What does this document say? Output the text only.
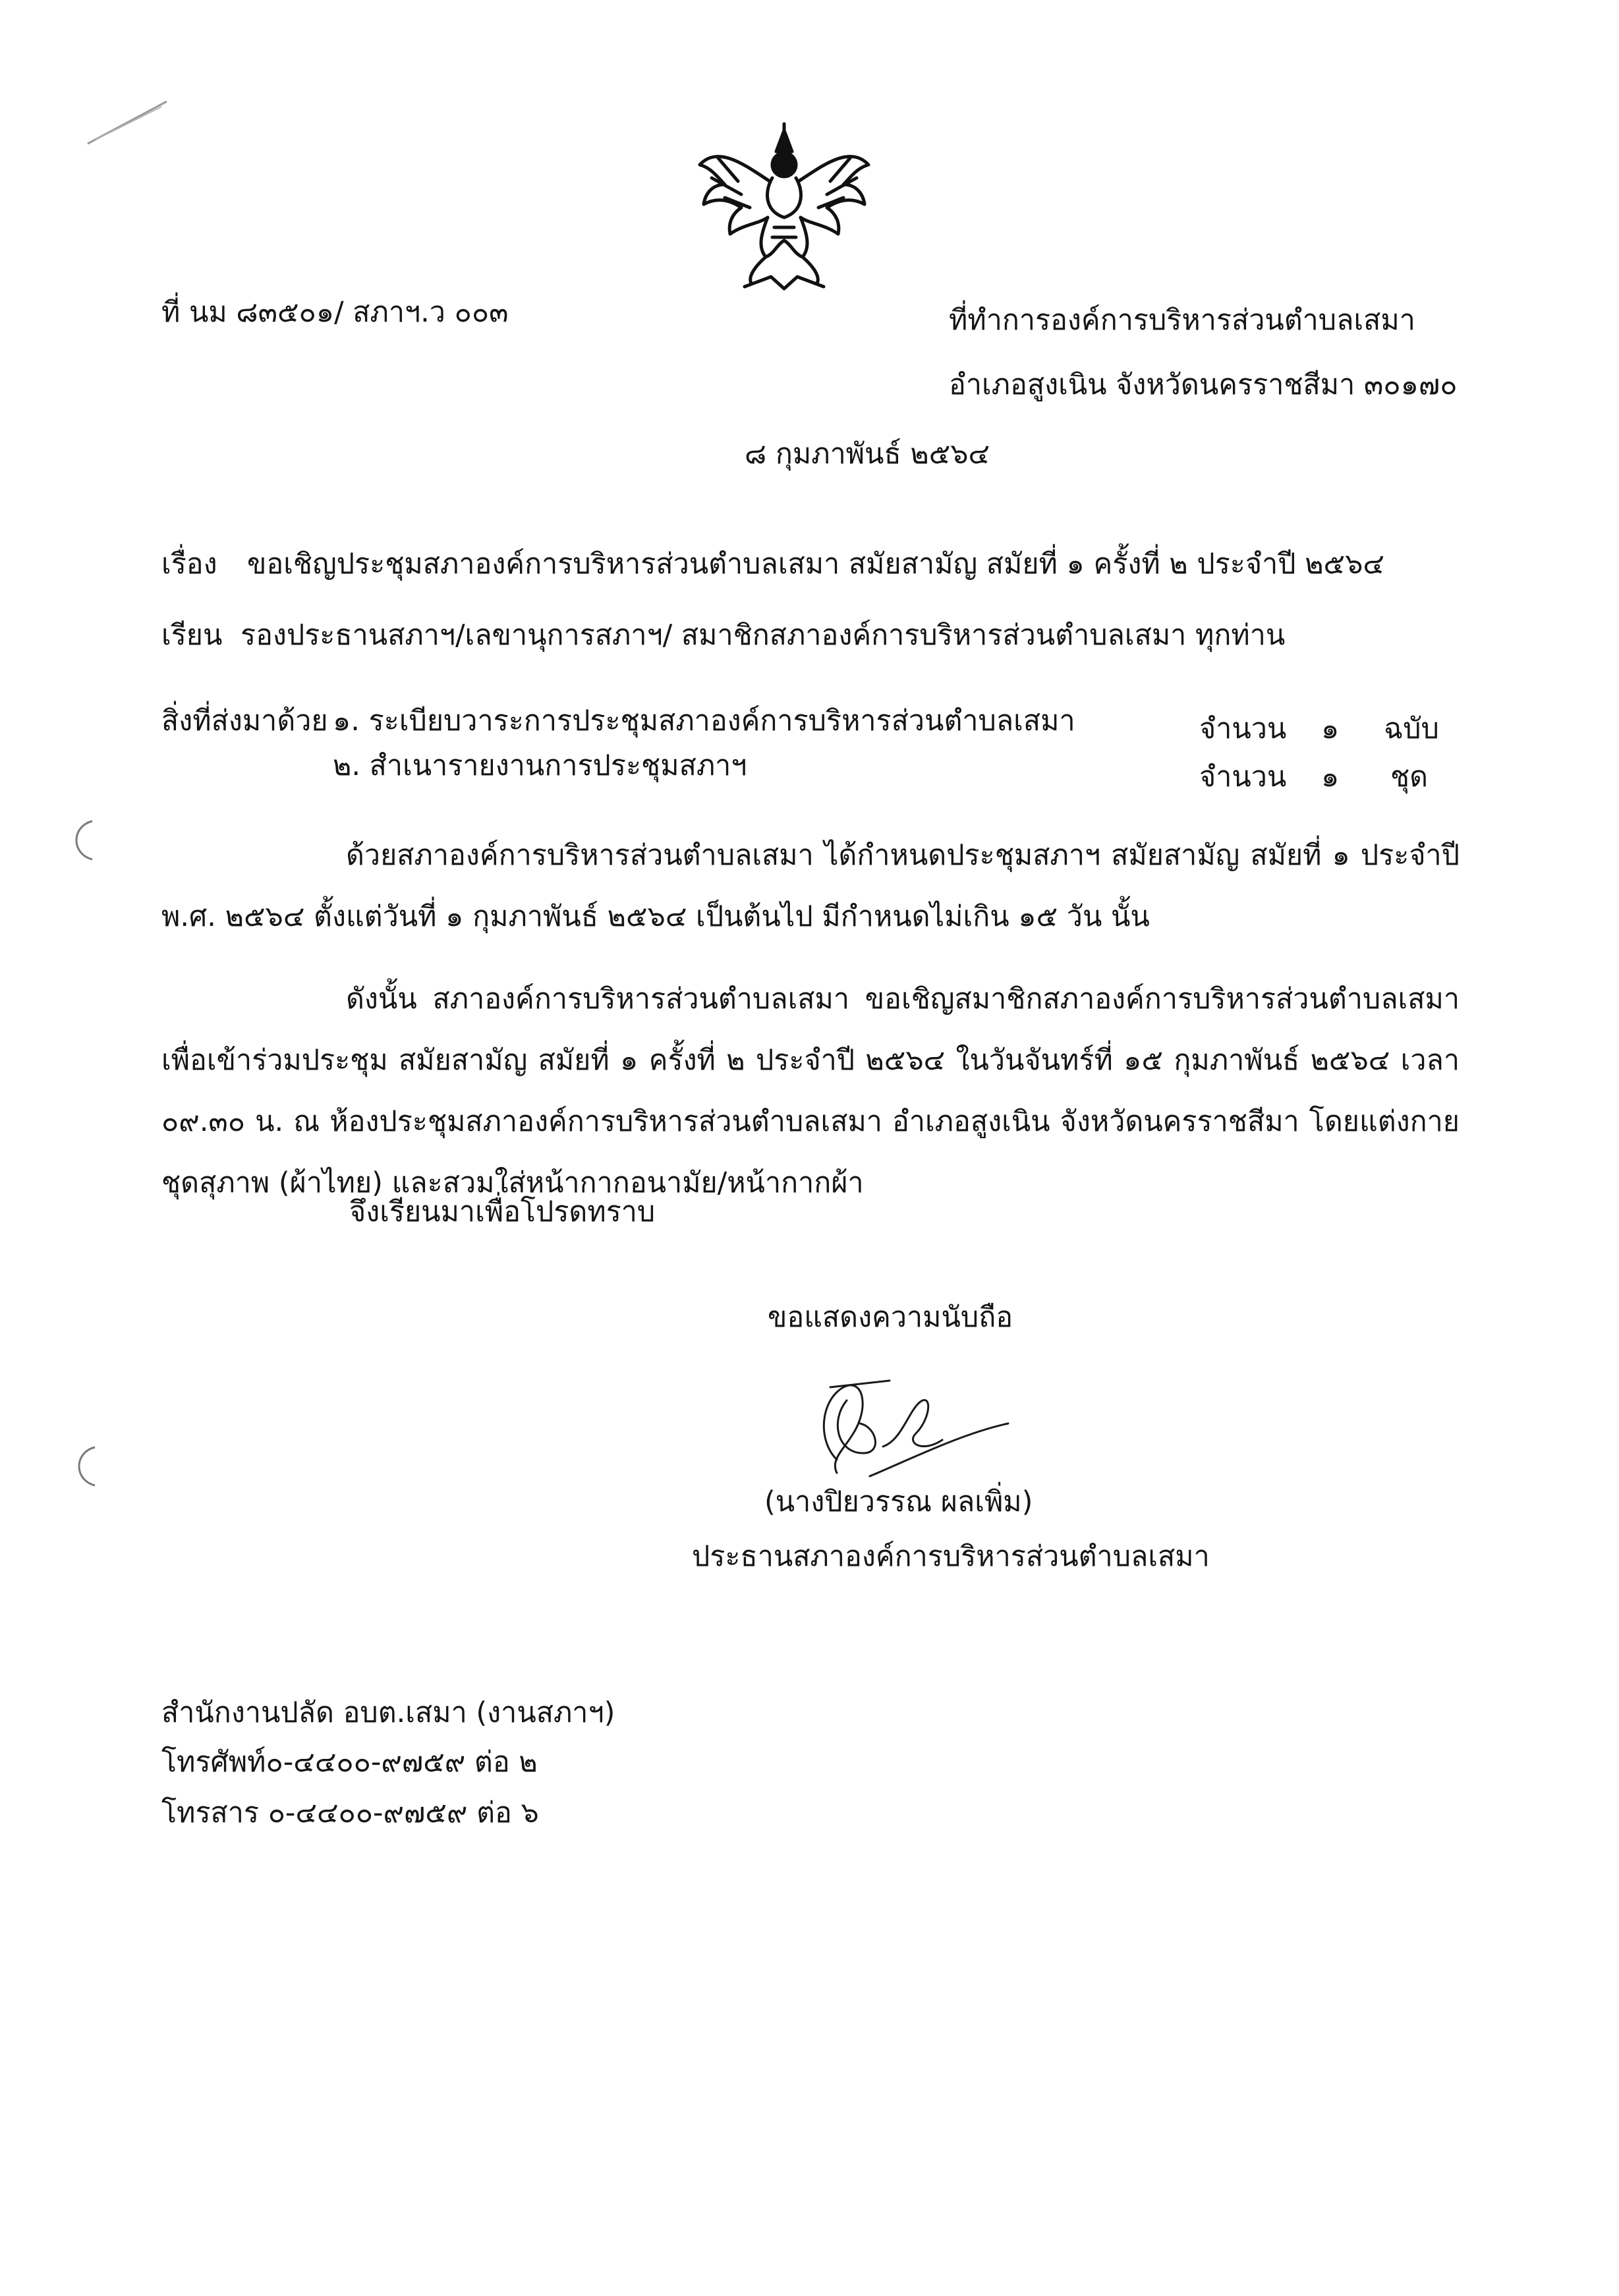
ที่ นม ๘๓๕๐๑/ สภาฯ.ว ๐๐๓	ที่ทำการองค์การบริหารส่วนตำบลเสมา
อำเภอสูงเนิน จังหวัดนครราชสีมา ๓๐๑๗๐
๘ กุมภาพันธ์ ๒๕๖๔
เรื่อง ขอเชิญประชุมสภาองค์การบริหารส่วนตำบลเสมา สมัยสามัญ สมัยที่ ๑ ครั้งที่ ๒ ประจำปี ๒๕๖๔
เรียน รองประธานสภาฯ/เลขานุการสภาฯ/ สมาชิกสภาองค์การบริหารส่วนตำบลเสมา ทุกท่าน
สิ่งที่ส่งมาด้วย ๑. ระเบียบวาระการประชุมสภาองค์การบริหารส่วนตำบลเสมา	จำนวน ๑ ฉบับ
๒. สำเนารายงานการประชุมสภาฯ	จำนวน ๑ ชุด
ด้วยสภาองค์การบริหารส่วนตำบลเสมา ได้กำหนดประชุมสภาฯ สมัยสามัญ สมัยที่ ๑ ประจำปี พ.ศ. ๒๕๖๔ ตั้งแต่วันที่ ๑ กุมภาพันธ์ ๒๕๖๔ เป็นต้นไป มีกำหนดไม่เกิน ๑๕ วัน นั้น
ดังนั้น สภาองค์การบริหารส่วนตำบลเสมา ขอเชิญสมาชิกสภาองค์การบริหารส่วนตำบลเสมา เพื่อเข้าร่วมประชุม สมัยสามัญ สมัยที่ ๑ ครั้งที่ ๒ ประจำปี ๒๕๖๔ ในวันจันทร์ที่ ๑๕ กุมภาพันธ์ ๒๕๖๔ เวลา ๐๙.๓๐ น. ณ ห้องประชุมสภาองค์การบริหารส่วนตำบลเสมา อำเภอสูงเนิน จังหวัดนครราชสีมา โดยแต่งกายชุดสุภาพ (ผ้าไทย) และสวมใส่หน้ากากอนามัย/หน้ากากผ้า
จึงเรียนมาเพื่อโปรดทราบ
ขอแสดงความนับถือ
(นางปิยวรรณ ผลเพิ่ม)
ประธานสภาองค์การบริหารส่วนตำบลเสมา
สำนักงานปลัด อบต.เสมา (งานสภาฯ)
โทรศัพท์๐-๔๔๐๐-๙๗๕๙ ต่อ ๒
โทรสาร ๐-๔๔๐๐-๙๗๕๙ ต่อ ๖
